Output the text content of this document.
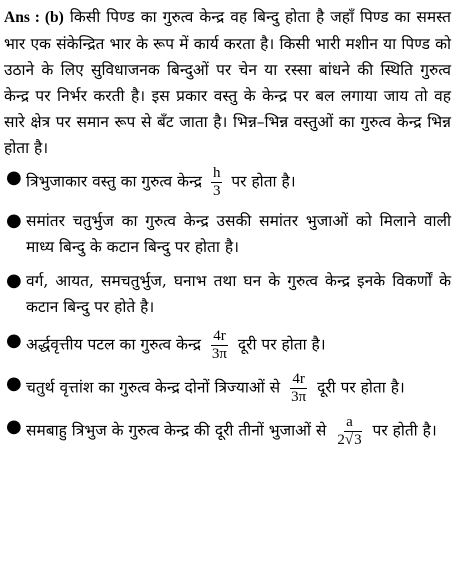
Ans : (b) किसी पिण्ड का गुरुत्व केन्द्र वह बिन्दु होता है जहाँ पिण्ड का समस्त भार एक संकेन्द्रित भार के रूप में कार्य करता है। किसी भारी मशीन या पिण्ड को उठाने के लिए सुविधाजनक बिन्दुओं पर चेन या रस्सा बांधने की स्थिति गुरुत्व केन्द्र पर निर्भर करती है। इस प्रकार वस्तु के केन्द्र पर बल लगाया जाय तो वह सारे क्षेत्र पर समान रूप से बँट जाता है। भिन्न–भिन्न वस्तुओं का गुरुत्व केन्द्र भिन्न होता है।

● त्रिभुजाकार वस्तु का गुरुत्व केन्द्र $\frac{h}{3}$ पर होता है।
● समांतर चतुर्भुज का गुरुत्व केन्द्र उसकी समांतर भुजाओं को मिलाने वाली माध्य बिन्दु के कटान बिन्दु पर होता है।
● वर्ग, आयत, समचतुर्भुज, घनाभ तथा घन के गुरुत्व केन्द्र इनके विकर्णों के कटान बिन्दु पर होते है।
● अर्द्धवृत्तीय पटल का गुरुत्व केन्द्र $\frac{4r}{3\pi}$ दूरी पर होता है।
● चतुर्थ वृत्तांश का गुरुत्व केन्द्र दोनों त्रिज्याओं से $\frac{4r}{3\pi}$ दूरी पर होता है।
● समबाहु त्रिभुज के गुरुत्व केन्द्र की दूरी तीनों भुजाओं से $\frac{a}{2√3}$ पर होती है।
